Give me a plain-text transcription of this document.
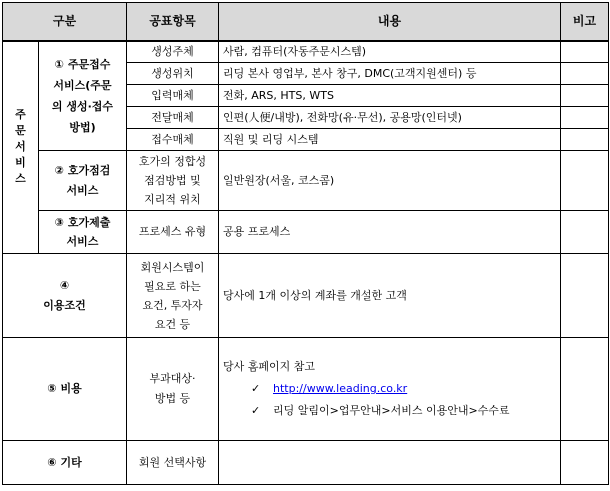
구분		공표항목	내용	비고

주
문
서
비
스	① 주문접수
서비스(주문
의 생성·접수
방법)	생성주체	사람, 컴퓨터(자동주문시스템)	
		생성위치	리딩 본사 영업부, 본사 창구, DMC(고객지원센터) 등	
		입력매체	전화, ARS, HTS, WTS	
		전달매체	인편(人便/내방), 전화망(유·무선), 공용망(인터넷)	
		접수매체	직원 및 리딩 시스템	

	② 호가점검
서비스	호가의 정합성
점검방법 및
지리적 위치	일반원장(서울, 코스콤)	

	③ 호가제출
서비스	프로세스 유형	공용 프로세스	
④
이용조건	회원시스템이
필요로 하는
요건, 투자자
요건 등	당사에 1개 이상의 계좌를 개설한 고객	
⑤ 비용	부과대상·
방법 등	당사 홈페이지 참고
✓ http://www.leading.co.kr
✓ 리딩 알림이>업무안내>서비스 이용안내>수수료	

⑥ 기타	회원 선택사항		
